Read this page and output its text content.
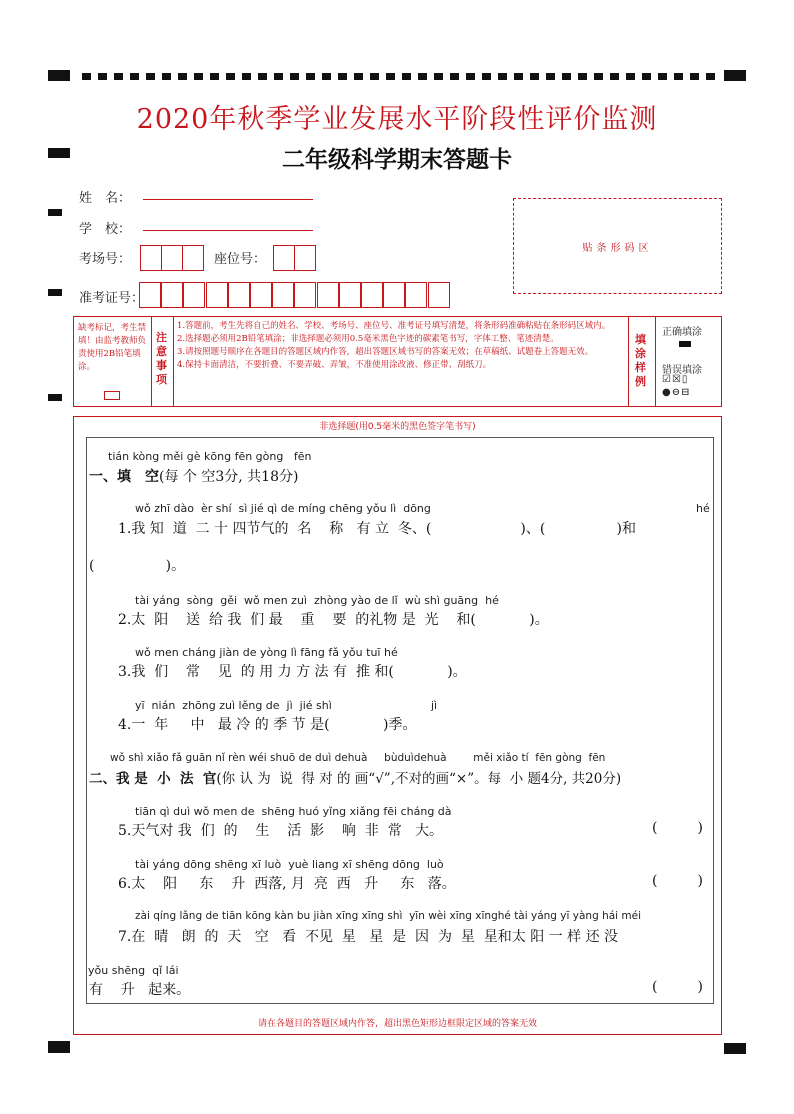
2020年秋季学业发展水平阶段性评价监测
二年级科学期末答题卡
姓　名：
学　校：
考场号：	座位号：
准考证号：
贴条形码区
缺考标记，考生禁填！由监考教师负责使用2B铅笔填涂。
注意事项
1.答题前，考生先将自己的姓名、学校、考场号、座位号、准考证号填写清楚，将条形码准确粘贴在条形码区域内。
2.选择题必须用2B铅笔填涂；非选择题必须用0.5毫米黑色字迹的碳素笔书写，字体工整、笔迹清楚。
3.请按照题号顺序在各题目的答题区域内作答，超出答题区域书写的答案无效；在草稿纸、试题卷上答题无效。
4.保持卡面清洁，不要折叠、不要弄破、弄皱，不准使用涂改液、修正带、刮纸刀。
填涂样例
正确填涂
错误填涂
☑☒▯
●⊖⊟
非选择题(用0.5毫米的黑色签字笔书写)
tián kòng měi gè kōng fēn gòng   fēn
一、填　空(每 个 空3分, 共18分)
wǒ zhī dào  èr shí  sì jié qì de míng chēng yǒu lì  dōng	hé
1.我 知  道  二 十 四节气的  名    称   有 立  冬、(                    )、(                )和
(                )。
tài yáng  sòng  gěi  wǒ men zuì  zhòng yào de lǐ  wù shì guāng  hé
2.太  阳    送  给 我  们 最    重    要  的礼物 是  光    和(            )。
wǒ men cháng jiàn de yòng lì fāng fǎ yǒu tuī hé
3.我  们    常    见  的 用 力 方 法 有  推 和(            )。
yī  nián  zhōng zuì lěng de  jì  jié shì	jì
4.一  年     中   最 冷 的 季 节 是(            )季。
wǒ shì xiǎo fǎ guān nǐ rèn wéi shuō de duì dehuà     bùduìdehuà        měi xiǎo tí  fēn gòng  fēn
二、我 是  小  法  官(你 认 为  说  得 对 的 画“√”,不对的画“×”。每  小 题4分, 共20分)
tiān qì duì wǒ men de  shēng huó yǐng xiǎng fēi cháng dà
5.天气对 我  们  的    生    活  影    响  非  常   大。	(         )
tài yáng dōng shēng xī luò  yuè liang xī shēng dōng  luò
6.太    阳     东    升  西落, 月  亮  西   升     东   落。	(         )
zài qíng lǎng de tiān kōng kàn bu jiàn xīng xīng shì  yīn wèi xīng xīnghé tài yáng yī yàng hái méi
7.在  晴   朗  的  天   空   看  不见  星   星  是  因  为  星  星和太 阳 一 样 还 没
yǒu shēng  qǐ lái
有    升   起来。	(         )
请在各题目的答题区域内作答，超出黑色矩形边框限定区域的答案无效
